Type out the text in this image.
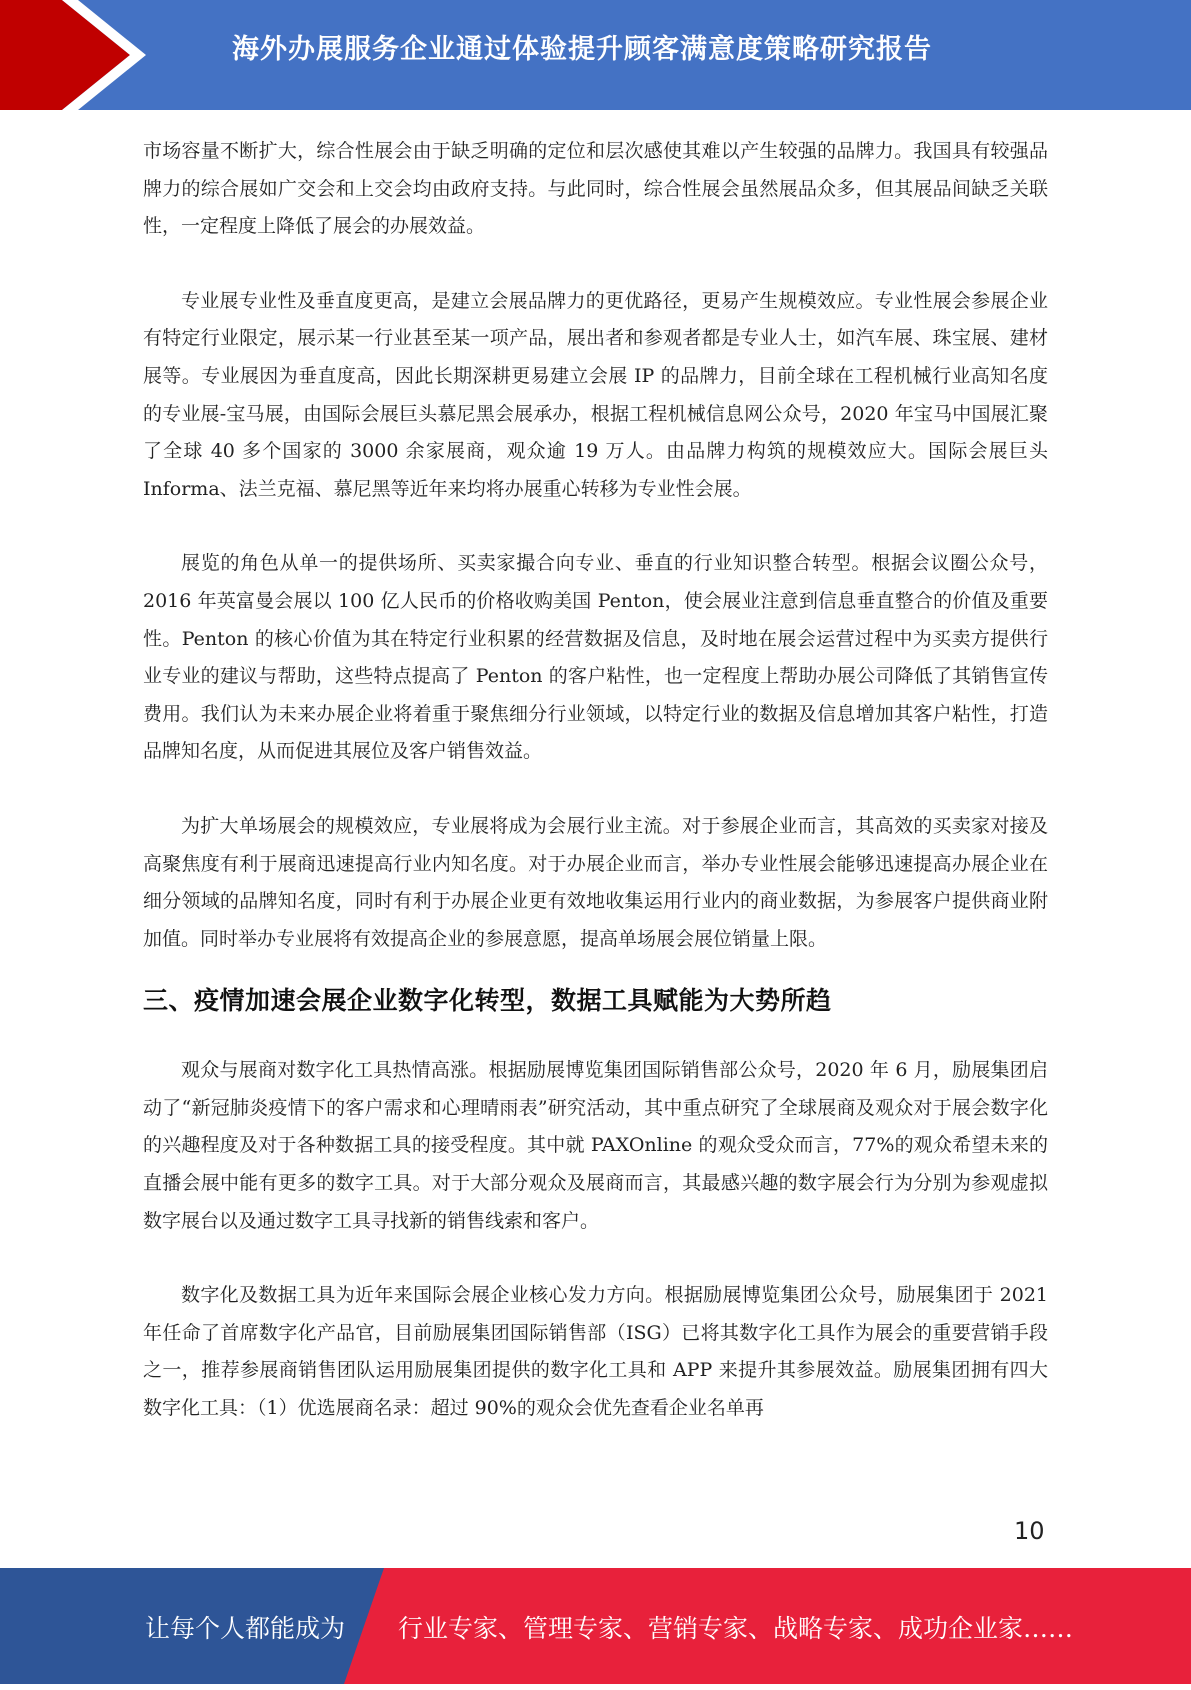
海外办展服务企业通过体验提升顾客满意度策略研究报告

市场容量不断扩大，综合性展会由于缺乏明确的定位和层次感使其难以产生较强的品牌力。我国具有较强品牌力的综合展如广交会和上交会均由政府支持。与此同时，综合性展会虽然展品众多，但其展品间缺乏关联性，一定程度上降低了展会的办展效益。

专业展专业性及垂直度更高，是建立会展品牌力的更优路径，更易产生规模效应。专业性展会参展企业有特定行业限定，展示某一行业甚至某一项产品，展出者和参观者都是专业人士，如汽车展、珠宝展、建材展等。专业展因为垂直度高，因此长期深耕更易建立会展 IP 的品牌力，目前全球在工程机械行业高知名度的专业展-宝马展，由国际会展巨头慕尼黑会展承办，根据工程机械信息网公众号，2020 年宝马中国展汇聚了全球 40 多个国家的 3000 余家展商，观众逾 19 万人。由品牌力构筑的规模效应大。国际会展巨头 Informa、法兰克福、慕尼黑等近年来均将办展重心转移为专业性会展。

展览的角色从单一的提供场所、买卖家撮合向专业、垂直的行业知识整合转型。根据会议圈公众号，2016 年英富曼会展以 100 亿人民币的价格收购美国 Penton，使会展业注意到信息垂直整合的价值及重要性。Penton 的核心价值为其在特定行业积累的经营数据及信息，及时地在展会运营过程中为买卖方提供行业专业的建议与帮助，这些特点提高了 Penton 的客户粘性，也一定程度上帮助办展公司降低了其销售宣传费用。我们认为未来办展企业将着重于聚焦细分行业领域，以特定行业的数据及信息增加其客户粘性，打造品牌知名度，从而促进其展位及客户销售效益。

为扩大单场展会的规模效应，专业展将成为会展行业主流。对于参展企业而言，其高效的买卖家对接及高聚焦度有利于展商迅速提高行业内知名度。对于办展企业而言，举办专业性展会能够迅速提高办展企业在细分领域的品牌知名度，同时有利于办展企业更有效地收集运用行业内的商业数据，为参展客户提供商业附加值。同时举办专业展将有效提高企业的参展意愿，提高单场展会展位销量上限。

三、疫情加速会展企业数字化转型，数据工具赋能为大势所趋

观众与展商对数字化工具热情高涨。根据励展博览集团国际销售部公众号，2020 年 6 月，励展集团启动了“新冠肺炎疫情下的客户需求和心理晴雨表”研究活动，其中重点研究了全球展商及观众对于展会数字化的兴趣程度及对于各种数据工具的接受程度。其中就 PAXOnline 的观众受众而言，77%的观众希望未来的直播会展中能有更多的数字工具。对于大部分观众及展商而言，其最感兴趣的数字展会行为分别为参观虚拟数字展台以及通过数字工具寻找新的销售线索和客户。

数字化及数据工具为近年来国际会展企业核心发力方向。根据励展博览集团公众号，励展集团于 2021 年任命了首席数字化产品官，目前励展集团国际销售部（ISG）已将其数字化工具作为展会的重要营销手段之一，推荐参展商销售团队运用励展集团提供的数字化工具和 APP 来提升其参展效益。励展集团拥有四大数字化工具：（1）优选展商名录：超过 90%的观众会优先查看企业名单再

10
让每个人都能成为 行业专家、管理专家、营销专家、战略专家、成功企业家……
